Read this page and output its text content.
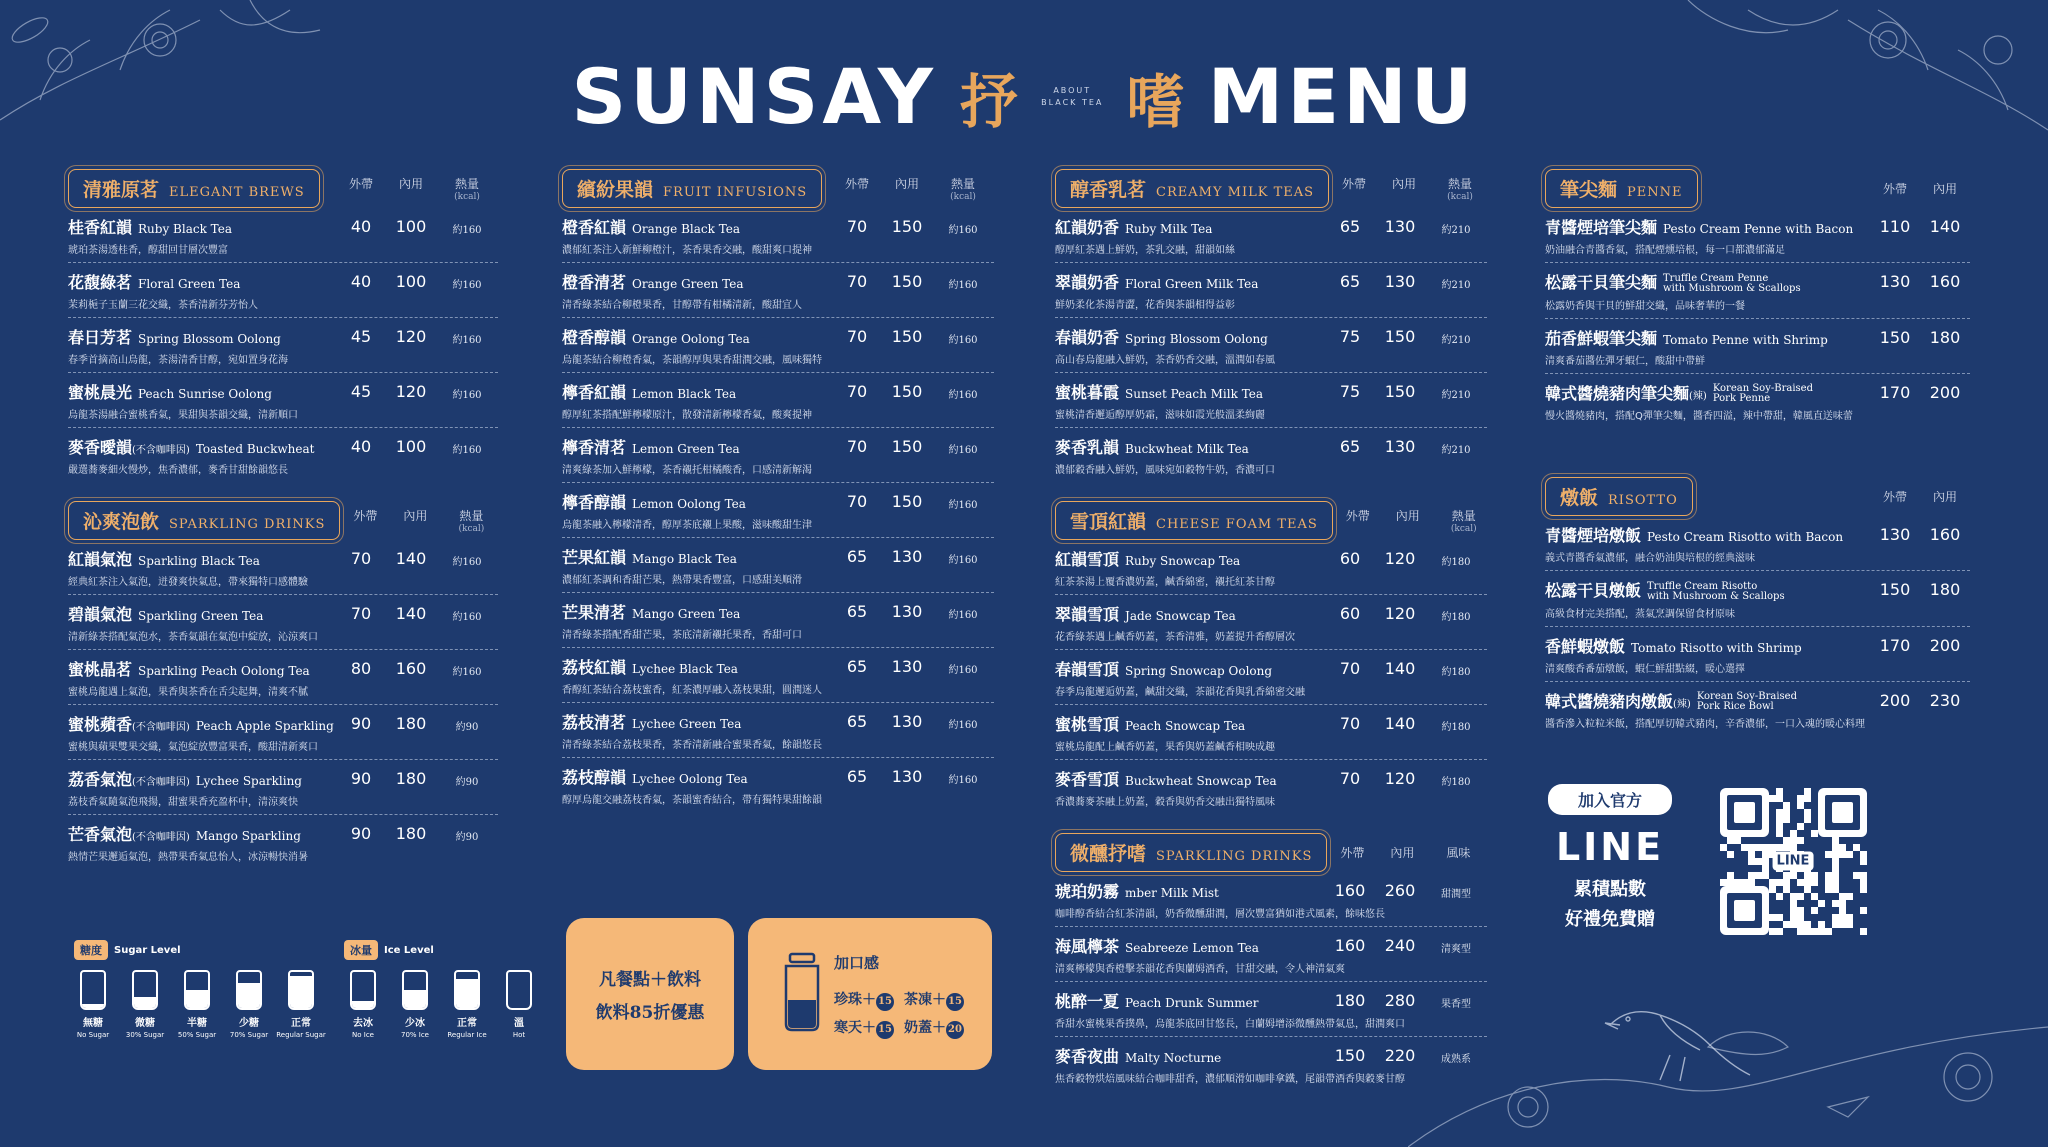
SUNSAY 抒	ABOUT
BLACK TEA 嗜 MENU
清雅原茗 ELEGANT BREWS
外帶	內用	熱量
(kcal)
桂香紅韻 Ruby Black Tea
琥珀茶湯透桂香，醇甜回甘層次豐富
40	100	約160
花馥綠茗 Floral Green Tea
茉莉梔子玉蘭三花交織，茶香清新芬芳怡人
40	100	約160
春日芳茗 Spring Blossom Oolong
春季首摘高山烏龍，茶湯清香甘醇，宛如置身花海
45	120	約160
蜜桃晨光 Peach Sunrise Oolong
烏龍茶湯融合蜜桃香氣，果甜與茶韻交織，清新順口
45	120	約160
麥香曖韻(不含咖啡因) Toasted Buckwheat
嚴選蕎麥細火慢炒，焦香濃郁，麥香甘甜餘韻悠長
40	100	約160
沁爽泡飲 SPARKLING DRINKS
外帶	內用	熱量
(kcal)
紅韻氣泡 Sparkling Black Tea
經典紅茶注入氣泡，迸發爽快氣息，帶來獨特口感體驗
70	140	約160
碧韻氣泡 Sparkling Green Tea
清新綠茶搭配氣泡水，茶香氣韻在氣泡中綻放，沁涼爽口
70	140	約160
蜜桃晶茗 Sparkling Peach Oolong Tea
蜜桃烏龍遇上氣泡，果香與茶香在舌尖起舞，清爽不膩
80	160	約160
蜜桃蘋香(不含咖啡因) Peach Apple Sparkling
蜜桃與蘋果雙果交織，氣泡綻放豐富果香，酸甜清新爽口
90	180	約90
荔香氣泡(不含咖啡因) Lychee Sparkling
荔枝香氣隨氣泡飛揚，甜蜜果香充盈杯中，清涼爽快
90	180	約90
芒香氣泡(不含咖啡因) Mango Sparkling
熱情芒果邂逅氣泡，熱帶果香氣息怡人，冰涼暢快消暑
90	180	約90
繽紛果韻 FRUIT INFUSIONS
外帶	內用	熱量
(kcal)
橙香紅韻 Orange Black Tea
濃郁紅茶注入新鮮柳橙汁，茶香果香交融，酸甜爽口提神
70	150	約160
橙香清茗 Orange Green Tea
清香綠茶結合柳橙果香，甘醇帶有柑橘清新，酸甜宜人
70	150	約160
橙香醇韻 Orange Oolong Tea
烏龍茶結合柳橙香氣，茶韻醇厚與果香甜潤交融，風味獨特
70	150	約160
檸香紅韻 Lemon Black Tea
醇厚紅茶搭配鮮檸檬原汁，散發清新檸檬香氣，酸爽提神
70	150	約160
檸香清茗 Lemon Green Tea
清爽綠茶加入鮮檸檬，茶香襯托柑橘酸香，口感清新解渴
70	150	約160
檸香醇韻 Lemon Oolong Tea
烏龍茶融入檸檬清香，醇厚茶底襯上果酸，滋味酸甜生津
70	150	約160
芒果紅韻 Mango Black Tea
濃郁紅茶調和香甜芒果，熱帶果香豐富，口感甜美順滑
65	130	約160
芒果清茗 Mango Green Tea
清香綠茶搭配香甜芒果，茶底清新襯托果香，香甜可口
65	130	約160
荔枝紅韻 Lychee Black Tea
香醇紅茶結合荔枝蜜香，紅茶濃厚融入荔枝果甜，圓潤迷人
65	130	約160
荔枝清茗 Lychee Green Tea
清香綠茶結合荔枝果香，茶香清新融合蜜果香氣，餘韻悠長
65	130	約160
荔枝醇韻 Lychee Oolong Tea
醇厚烏龍交融荔枝香氣，茶韻蜜香結合，帶有獨特果甜餘韻
65	130	約160
醇香乳茗 CREAMY MILK TEAS
外帶	內用	熱量
(kcal)
紅韻奶香 Ruby Milk Tea
醇厚紅茶遇上鮮奶，茶乳交融，甜韻如絲
65	130	約210
翠韻奶香 Floral Green Milk Tea
鮮奶柔化茶湯青澀，花香與茶韻相得益彰
65	130	約210
春韻奶香 Spring Blossom Oolong
高山春烏龍融入鮮奶，茶香奶香交融，溫潤如春風
75	150	約210
蜜桃暮霞 Sunset Peach Milk Tea
蜜桃清香邂逅醇厚奶霜，滋味如霞光般溫柔絢麗
75	150	約210
麥香乳韻 Buckwheat Milk Tea
濃郁穀香融入鮮奶，風味宛如穀物牛奶，香濃可口
65	130	約210
雪頂紅韻 CHEESE FOAM TEAS
外帶	內用	熱量
(kcal)
紅韻雪頂 Ruby Snowcap Tea
紅茶茶湯上覆香濃奶蓋，鹹香綿密，襯托紅茶甘醇
60	120	約180
翠韻雪頂 Jade Snowcap Tea
花香綠茶遇上鹹香奶蓋，茶香清雅，奶蓋提升香醇層次
60	120	約180
春韻雪頂 Spring Snowcap Oolong
春季烏龍邂逅奶蓋，鹹甜交織，茶韻花香與乳香綿密交融
70	140	約180
蜜桃雪頂 Peach Snowcap Tea
蜜桃烏龍配上鹹香奶蓋，果香與奶蓋鹹香相映成趣
70	140	約180
麥香雪頂 Buckwheat Snowcap Tea
香濃蕎麥茶融上奶蓋，穀香與奶香交融出獨特風味
70	120	約180
微醺抒嗜 SPARKLING DRINKS	外帶	內用	風味
琥珀奶霧 mber Milk Mist
咖啡醇香結合紅茶清韻，奶香微醺甜潤，層次豐富猶如港式風素，餘味悠長
160	260	甜潤型
海風檸茶 Seabreeze Lemon Tea
清爽檸檬與香橙擊茶韻花香與蘭姆酒香，甘甜交融，令人神清氣爽
160	240	清爽型
桃醉一夏 Peach Drunk Summer
香甜水蜜桃果香撲鼻，烏龍茶底回甘悠長，白蘭姆增添微醺熱帶氣息，甜潤爽口
180	280	果香型
麥香夜曲 Malty Nocturne
焦香穀物烘焙風味結合咖啡甜香，濃郁順滑如咖啡拿鐵，尾韻帶酒香與穀麥甘醇
150	220	成熟系
筆尖麵 PENNE	外帶	內用
青醬煙培筆尖麵 Pesto Cream Penne with Bacon
奶油融合青醬香氣，搭配煙燻培根，每一口都濃郁滿足
110	140
松露干貝筆尖麵 Truffle Cream Penne
with Mushroom & Scallops
松露奶香與干貝的鮮甜交織，品味奢華的一餐
130	160
茄香鮮蝦筆尖麵 Tomato Penne with Shrimp
清爽番茄醬佐彈牙蝦仁，酸甜中帶鮮
150	180
韓式醬燒豬肉筆尖麵(辣)Korean Soy-Braised
Pork Penne
慢火醬燒豬肉，搭配Q彈筆尖麵，醬香四溢，辣中帶甜，韓風直送味蕾
170	200
燉飯 RISOTTO	外帶	內用
青醬煙培燉飯 Pesto Cream Risotto with Bacon
義式青醬香氣濃郁，融合奶油與培根的經典滋味
130	160
松露干貝燉飯 Truffle Cream Risotto
with Mushroom & Scallops
高級食材完美搭配，蒸氣烹調保留食材原味
150	180
香鮮蝦燉飯 Tomato Risotto with Shrimp
清爽酸香番茄燉飯，蝦仁鮮甜點綴，暖心選擇
170	200
韓式醬燒豬肉燉飯(辣)Korean Soy-Braised
Pork Rice Bowl
醬香滲入粒粒米飯，搭配厚切韓式豬肉，辛香濃郁，一口入魂的暖心料理
200	230
糖度	Sugar Level
無糖
No Sugar
微糖
30% Sugar
半糖
50% Sugar
少糖
70% Sugar
正常
Regular Sugar
冰量	Ice Level
去冰
No Ice
少冰
70% Ice
正常
Regular Ice
溫
Hot
凡餐點＋飲料
飲料85折優惠
加口感
珍珠＋ 15
寒天＋ 15
茶凍＋ 15
奶蓋＋ 20
加入官方
LINE
累積點數
好禮免費贈
LINE
